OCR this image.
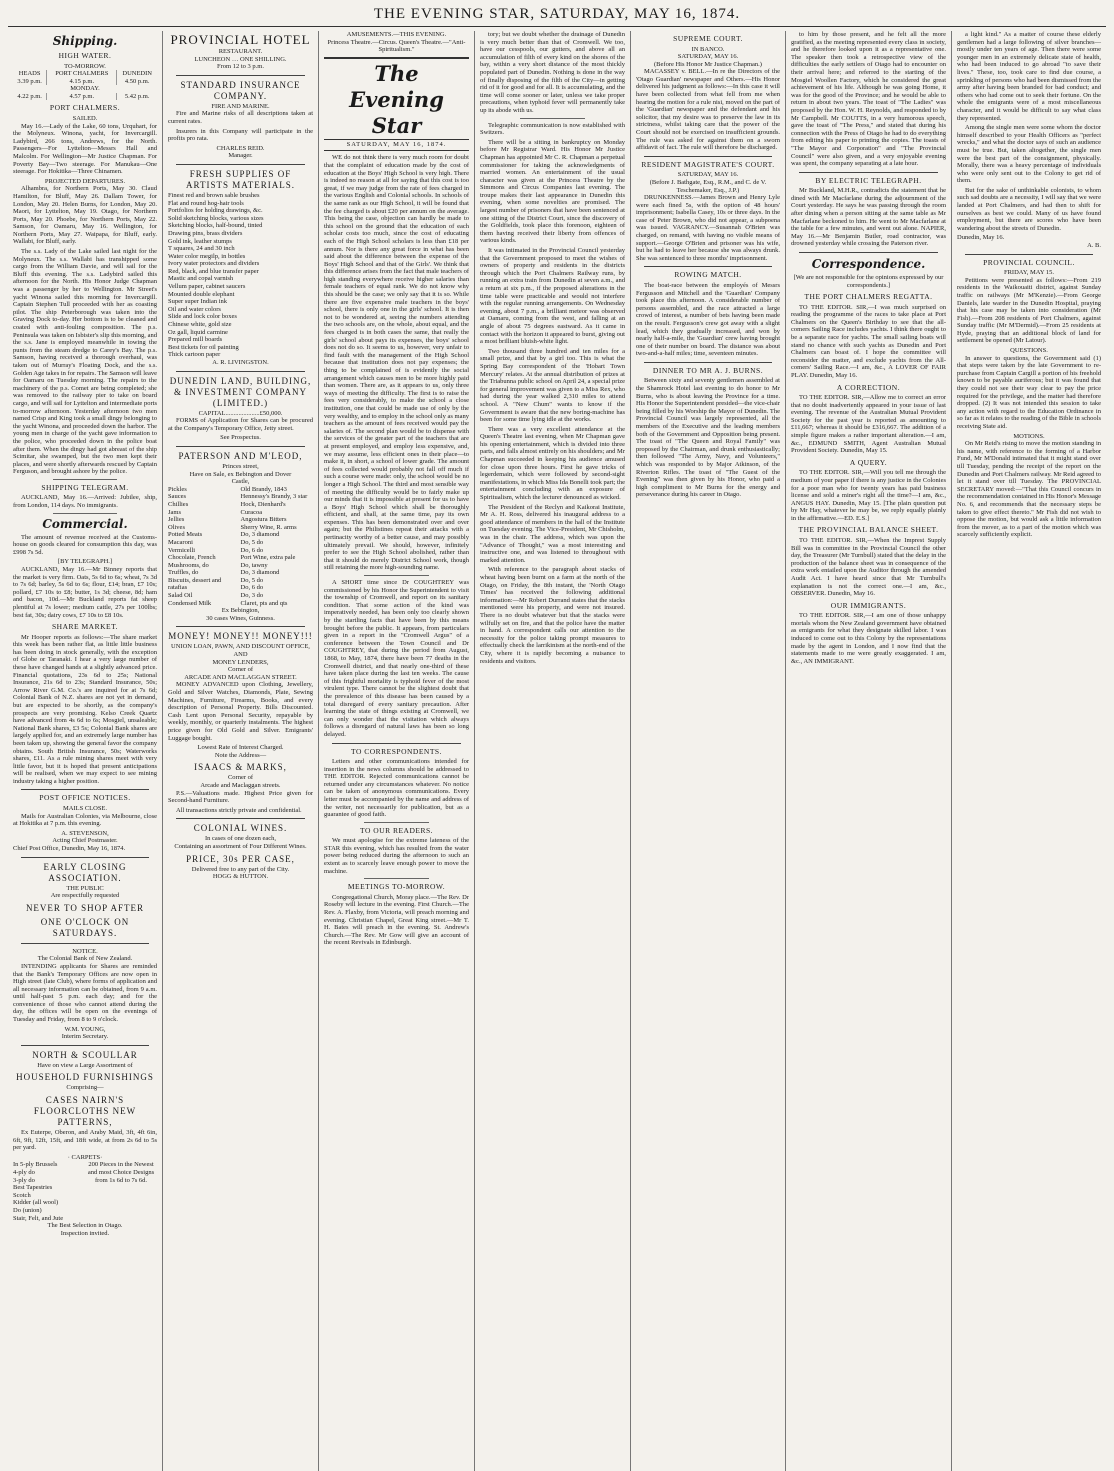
THE EVENING STAR, SATURDAY, MAY 16, 1874.
Shipping.
HIGH WATER.
TO-MORROW.
HEADS	PORT CHALMERS	DUNEDIN
3.39 p.m.	4.15 p.m.	4.50 p.m.
MONDAY.		
4.22 p.m.	4.57 p.m.	5.42 p.m.
PORT CHALMERS.
SAILED.

May 16.—Lady of the Lake, 60 tons, Urquhart, for the Molyneux. Winona, yacht, for Invercargill. Ladybird, 266 tons, Andrews, for the North. Passengers—For Lyttelton—Messrs Hall and Malcolm. For Wellington—Mr Justice Chapman. For Poverty Bay—Two steerage. For Manukau—One steerage. For Hokitika—Three Chinamen.

PROJECTED DEPARTURES.

Alhambra, for Northern Ports, May 30. Claud Hamilton, for Bluff, May 26. Dallam Tower, for London, May 20. Helen Burns, for London, May 20. Maori, for Lyttelton, May 19. Otago, for Northern Ports, May 20. Phoebe, for Northern Ports, May 22. Samson, for Oamaru, May 16. Wellington, for Northern Ports, May 27. Waipapa, for Bluff, early. Wallabi, for Bluff, early.

The s.s. Lady of the Lake sailed last night for the Molyneux. The s.s. Wallabi has transhipped some cargo from the William Davie, and will sail for the Bluff this evening. The s.s. Ladybird sailed this afternoon for the North. His Honor Judge Chapman was a passenger by her to Wellington. Mr Street's yacht Winona sailed this morning for Invercargill. Captain Stephen Tull proceeded with her as coasting pilot. The ship Peterborough was taken into the Graving Dock to-day. Her bottom is to be cleaned and coated with anti-fouling composition. The p.s. Peninsula was taken on Isbister's slip this morning, and the s.s. Jane is employed meanwhile in towing the punts from the steam dredge to Carey's Bay. The p.s. Samson, having received a thorough overhaul, was taken out of Murray's Floating Dock, and the s.s. Golden Age takes in for repairs. The Samson will leave for Oamaru on Tuesday morning. The repairs to the machinery of the p.s. Comet are being completed; she was removed to the railway pier to take on board cargo, and will sail for Lyttelton and intermediate ports to-morrow afternoon. Yesterday afternoon two men named Crisp and King took a small dingy belonging to the yacht Winona, and proceeded down the harbor. The young men in charge of the yacht gave information to the police, who proceeded down in the police boat after them. When the dingy had got abreast of the ship Scimitar, she swamped, but the two men kept their places, and were shortly afterwards rescued by Captain Ferguson, and brought ashore by the police.

SHIPPING TELEGRAM.

AUCKLAND, May 16.—Arrived: Jubilee, ship, from London, 114 days. No immigrants.

Commercial.

The amount of revenue received at the Customs-house on goods cleared for consumption this day, was £998 7s 5d.

[BY TELEGRAPH.]

AUCKLAND, May 16.—Mr Binney reports that the market is very firm. Oats, 5s 6d to 6s; wheat, 7s 3d to 7s 6d; barley, 5s 6d to 6s; flour, £14; bran, £7 10s; pollard, £7 10s to £8; butter, 1s 3d; cheese, 8d; ham and bacon, 10d.—Mr Buckland reports fat sheep plentiful at 7s lower; medium cattle, 27s per 100lbs; best fat, 30s; dairy cows, £7 10s to £8 10s.

SHARE MARKET.

Mr Hooper reports as follows:—The share market this week has been rather flat, as little little business has been doing in stock generally, with the exception of Globe or Taranaki. I hear a very large number of these have changed hands at a slightly advanced price. Financial quotations, 23s 6d to 25s; National Insurance, 21s 6d to 23s; Standard Insurance, 50s; Arrow River G.M. Co.'s are inquired for at 7s 6d; Colonial Bank of N.Z. shares are not yet in demand, but are expected to be shortly, as the company's prospects are very promising. Kelso Creek Quartz have advanced from 4s 6d to 6s; Mosgiel, unsaleable; National Bank shares, £3 5s; Colonial Bank shares are largely applied for, and an extremely large number has been taken up, showing the general favor the company obtains. South British Insurance, 50s; Waterworks shares, £11. As a rule mining shares meet with very little favor, but it is hoped that present anticipations will be realised, when we may expect to see mining industry taking a higher position.

POST OFFICE NOTICES.
MAILS CLOSE.

Mails for Australian Colonies, via Melbourne, close at Hokitika at 7 p.m. this evening.

A. STEVENSON,
Acting Chief Postmaster.
Chief Post Office, Dunedin, May 16, 1874.
EARLY CLOSING ASSOCIATION.
THE PUBLIC
Are respectfully requested
NEVER TO SHOP AFTER
ONE O'CLOCK ON SATURDAYS.
NOTICE.
The Colonial Bank of New Zealand.

INTENDING applicants for Shares are reminded that the Bank's Temporary Offices are now open in High street (late Club), where forms of application and all necessary information can be obtained, from 9 a.m. until half-past 5 p.m. each day; and for the convenience of those who cannot attend during the day, the offices will be open on the evenings of Tuesday and Friday, from 8 to 9 o'clock.

W.M. YOUNG,
Interim Secretary.
NORTH & SCOULLAR
Have on view a Large Assortment of
HOUSEHOLD FURNISHINGS
Comprising—
CASES NAIRN'S FLOORCLOTHS NEW PATTERNS,

Ex Euterpe, Oberon, and Araby Maid, 3ft, 4ft 6in, 6ft, 9ft, 12ft, 15ft, and 18ft wide, at from 2s 6d to 5s per yard.

· CARPETS·
In 5-ply Brussels
4-ply do
3-ply do
Best Tapestries
Scotch
Kidder (all wool)
Do (union)
Stair, Felt, and Jute
200 Pieces in the Newest and most Choice Designs from 1s 6d to 7s 6d.
The Best Selection in Otago.
Inspection invited.
PROVINCIAL HOTEL
RESTAURANT.
LUNCHEON … ONE SHILLING.
From 12 to 3 p.m.
STANDARD INSURANCE COMPANY.
FIRE AND MARINE.

Fire and Marine risks of all descriptions taken at current rates.

Insurers in this Company will participate in the profits pro rata.

CHARLES REID.
Manager.
FRESH SUPPLIES OF ARTISTS MATERIALS.
Finest red and brown sable brushes
Flat and round hog-hair tools
Portfolios for holding drawings, &c.
Solid sketching blocks, various sizes
Sketching blocks, half-bound, tinted
Drawing pins, brass dividers
Gold ink, leather stumps
T squares, 24 and 30 inch
Water color megilp, in bottles
Ivory water protectors and dividers
Red, black, and blue transfer paper
Mastic and copal varnish
Vellum paper, cabinet saucers
Mounted double elephant
Super super Indian ink
Oil and water colors
Slide and lock color boxes
Chinese white, gold size
Oz gall, liquid carmine
Prepared mill boards
Best tickets for oil painting
Thick cartoon paper
A. R. LIVINGSTON.
DUNEDIN LAND, BUILDING, & INVESTMENT COMPANY (LIMITED.)
CAPITAL.....................£50,000.

FORMS of Application for Shares can be procured at the Company's Temporary Office, Jetty street.

See Prospectus.
PATERSON AND M'LEOD,
Princes street,
Have on Sale, ex Bebington and Dover
Castle,
Pickles
Sauces
Chillies
Jams
Jellies
Olives
Potted Meats
Macaroni
Vermicelli
Chocolate, French
Mushrooms, do
Truffles, do
Biscuits, dessert and
ratafias
Salad Oil
Condensed Milk
Old Brandy, 1843
Hennessy's Brandy, 3 star
Hock, Dienhard's
Curacoa
Angostura Bitters
Sherry Wine, R. arms
Do, 3 diamond
Do, 5 do
Do, 6 do
Port Wine, extra pale
Do, tawny
Do, 3 diamond
Do, 5 do
Do, 6 do
Do, 3 do
Claret, pts and qts
Ex Bebington,
30 cases Wines, Guinness.
MONEY! MONEY!! MONEY!!!
UNION LOAN, PAWN, AND DISCOUNT OFFICE,
AND
MONEY LENDERS,
Corner of
ARCADE AND MACLAGGAN STREET.

MONEY ADVANCED upon Clothing, Jewellery, Gold and Silver Watches, Diamonds, Plate, Sewing Machines, Furniture, Firearms, Books, and every description of Personal Property. Bills Discounted. Cash Lent upon Personal Security, repayable by weekly, monthly, or quarterly instalments. The highest price given for Old Gold and Silver. Emigrants' Luggage bought.

Lowest Rate of Interest Charged.
Note the Address—
ISAACS & MARKS,
Corner of
Arcade and Maclaggan streets.

P.S.—Valuations made. Highest Price given for Second-hand Furniture.

All transactions strictly private and confidential.

COLONIAL WINES.
In cases of one dozen each,
Containing an assortment of Four Different Wines.
PRICE, 30s PER CASE,
Delivered free to any part of the City.
HOGG & HUTTON.
AMUSEMENTS.—THIS EVENING.
Princess Theatre.—Circus. Queen's Theatre.—"Anti-Spiritualism."
The Evening Star
SATURDAY, MAY 16, 1874.

WE do not think there is very much room for doubt that the complaint of education made by the cost of education at the Boys' High School is very high. There is indeed no reason at all for saying that this cost is too great, if we may judge from the rate of fees charged in the various English and Colonial schools. In schools of the same rank as our High School, it will be found that the fee charged is about £20 per annum on the average. This being the case, objection can hardly be made to this school on the ground that the education of each scholar costs too much, since the cost of educating each of the High School scholars is less than £18 per annum. Nor is there any great force in what has been said about the difference between the expense of the Boys' High School and that of the Girls'. We think that this difference arises from the fact that male teachers of high standing everywhere receive higher salaries than female teachers of equal rank. We do not know why this should be the case; we only say that it is so. While there are five expensive male teachers in the boys' school, there is only one in the girls' school. It is then not to be wondered at, seeing the numbers attending the two schools are, on the whole, about equal, and the fees charged is in both cases the same, that really the girls' school about pays its expenses, the boys' school does not do so. It seems to us, however, very unfair to find fault with the management of the High School because that institution does not pay expenses; the thing to be complained of is evidently the social arrangement which causes men to be more highly paid than women. There are, as it appears to us, only three ways of meeting the difficulty. The first is to raise the fees very considerably, to make the school a close institution, one that could be made use of only by the very wealthy, and to employ in the school only as many teachers as the amount of fees received would pay the salaries of. The second plan would be to dispense with the services of the greater part of the teachers that are at present employed, and employ less expensive, and, we may assume, less efficient ones in their place—to make it, in short, a school of lower grade. The amount of fees collected would probably not fall off much if such a course were made: only, the school would be no longer a High School. The third and most sensible way of meeting the difficulty would be to fairly make up our minds that it is impossible at present for us to have a Boys' High School which shall be thoroughly efficient, and shall, at the same time, pay its own expenses. This has been demonstrated over and over again; but the Philistines repeat their attacks with a pertinacity worthy of a better cause, and may possibly ultimately prevail. We should, however, infinitely prefer to see the High School abolished, rather than that it should do merely District School work, though still retaining the more high-sounding name.

A SHORT time since Dr COUGHTREY was commissioned by his Honor the Superintendent to visit the township of Cromwell, and report on its sanitary condition. That some action of the kind was imperatively needed, has been only too clearly shown by the startling facts that have been by this means brought before the public. It appears, from particulars given in a report in the "Cromwell Argus" of a conference between the Town Council and Dr COUGHTREY, that during the period from August, 1868, to May, 1874, there have been 77 deaths in the Cromwell district, and that nearly one-third of these have taken place during the last ten weeks. The cause of this frightful mortality is typhoid fever of the most virulent type. There cannot be the slightest doubt that the prevalence of this disease has been caused by a total disregard of every sanitary precaution. After learning the state of things existing at Cromwell, we can only wonder that the visitation which always follows a disregard of natural laws has been so long delayed.

TO CORRESPONDENTS.

Letters and other communications intended for insertion in the news columns should be addressed to THE EDITOR. Rejected communications cannot be returned under any circumstances whatever. No notice can be taken of anonymous communications. Every letter must be accompanied by the name and address of the writer, not necessarily for publication, but as a guarantee of good faith.

TO OUR READERS.

We must apologise for the extreme lateness of the STAR this evening, which has resulted from the water power being reduced during the afternoon to such an extent as to scarcely leave enough power to move the machine.

MEETINGS TO-MORROW.

Congregational Church, Moray place.—The Rev. Dr Roseby will lecture in the evening. First Church.—The Rev. A. Flaxby, from Victoria, will preach morning and evening. Christian Chapel, Great King street.—Mr T. H. Bates will preach in the evening. St. Andrew's Church.—The Rev. Mr Gow will give an account of the recent Revivals in Edinburgh.

tory; but we doubt whether the drainage of Dunedin is very much better than that of Cromwell. We too, have our cesspools, our gutters, and above all an accumulation of filth of every kind on the shores of the bay, within a very short distance of the most thickly populated part of Dunedin. Nothing is done in the way of finally disposing of the filth of the City—in getting rid of it for good and for all. It is accumulating, and the time will come sooner or later, unless we take proper precautions, when typhoid fever will permanently take up its abode with us.

Telegraphic communication is now established with Switzers.

There will be a sitting in bankruptcy on Monday before Mr Registrar Ward. His Honor Mr Justice Chapman has appointed Mr C. R. Chapman a perpetual commissioner for taking the acknowledgments of married women. An entertainment of the usual character was given at the Princess Theatre by the Simmons and Circus Companies last evening. The troupe makes their last appearance in Dunedin this evening, when some novelties are promised. The largest number of prisoners that have been sentenced at one sitting of the District Court, since the discovery of the Goldfields, took place this forenoon, eighteen of them having received their liberty from offences of various kinds.

It was intimated in the Provincial Council yesterday that the Government proposed to meet the wishes of owners of property and residents in the districts through which the Port Chalmers Railway runs, by running an extra train from Dunedin at seven a.m., and a return at six p.m., if the proposed alterations in the time table were practicable and would not interfere with the regular running arrangements. On Wednesday evening, about 7 p.m., a brilliant meteor was observed at Oamaru, coming from the west, and falling at an angle of about 75 degrees eastward. As it came in contact with the horizon it appeared to burst, giving out a most brilliant bluish-white light.

Two thousand three hundred and ten miles for a small prize, and that by a girl too. This is what the Spring Bay correspondent of the 'Hobart Town Mercury' relates. At the annual distribution of prizes at the Triabunna public school on April 24, a special prize for general improvement was given to a Miss Rex, who had during the year walked 2,310 miles to attend school. A "New Chum" wants to know if the Government is aware that the new boring-machine has been for some time lying idle at the works.

There was a very excellent attendance at the Queen's Theatre last evening, when Mr Chapman gave his opening entertainment, which is divided into three parts, and falls almost entirely on his shoulders; and Mr Chapman succeeded in keeping his audience amused for close upon three hours. First he gave tricks of legerdemain, which were followed by second-sight manifestations, in which Miss Ida Bonelli took part; the entertainment concluding with an exposure of Spiritualism, which the lecturer denounced as wicked.

The President of the Reclyn and Kaikorai Institute, Mr A. H. Ross, delivered his inaugural address to a good attendance of members in the hall of the Institute on Tuesday evening. The Vice-President, Mr Chisholm, was in the chair. The address, which was upon the "Advance of Thought," was a most interesting and instructive one, and was listened to throughout with marked attention.

With reference to the paragraph about stacks of wheat having been burnt on a farm at the north of the Otago, on Friday, the 8th instant, the 'North Otago Times' has received the following additional information:—Mr Robert Durrand states that the stacks mentioned were his property, and were not insured. There is no doubt whatever but that the stacks were wilfully set on fire, and that the police have the matter in hand. A correspondent calls our attention to the necessity for the police taking prompt measures to effectually check the larrikinism at the north-end of the City, where it is rapidly becoming a nuisance to residents and visitors.

SUPREME COURT.
IN BANCO.
SATURDAY, MAY 16.
(Before His Honor Mr Justice Chapman.)

MACASSEY v. BELL.—In re the Directors of the 'Otago Guardian' newspaper and Others.—His Honor delivered his judgment as follows:—In this case it will have been collected from what fell from me when hearing the motion for a rule nisi, moved on the part of the 'Guardian' newspaper and the defendant and his solicitor, that my desire was to preserve the law in its strictness, whilst taking care that the power of the Court should not be exercised on insufficient grounds. The rule was asked for against them on a sworn affidavit of fact. The rule will therefore be discharged.

RESIDENT MAGISTRATE'S COURT.
SATURDAY, MAY 16.
(Before J. Bathgate, Esq., R.M., and C. de V. Teschemaker, Esq., J.P.)

DRUNKENNESS.—James Brown and Henry Lyle were each fined 5s, with the option of 48 hours' imprisonment; Isabella Casey, 10s or three days. In the case of Peter Brown, who did not appear, a subpoena was issued. VAGRANCY.—Susannah O'Brien was charged, on remand, with having no visible means of support.—George O'Brien and prisoner was his wife, but he had to leave her because she was always drunk. She was sentenced to three months' imprisonment.

ROWING MATCH.

The boat-race between the employés of Messrs Fergusson and Mitchell and the 'Guardian' Company took place this afternoon. A considerable number of persons assembled, and the race attracted a large crowd of interest, a number of bets having been made on the result. Fergusson's crew got away with a slight lead, which they gradually increased, and won by nearly half-a-mile, the 'Guardian' crew having brought one of their number on board. The distance was about two-and-a-half miles; time, seventeen minutes.

DINNER TO MR A. J. BURNS.

Between sixty and seventy gentlemen assembled at the Shamrock Hotel last evening to do honor to Mr Burns, who is about leaving the Province for a time. His Honor the Superintendent presided—the vice-chair being filled by his Worship the Mayor of Dunedin. The Provincial Council was largely represented, all the members of the Executive and the leading members both of the Government and Opposition being present. The toast of "The Queen and Royal Family" was proposed by the Chairman, and drunk enthusiastically; then followed "The Army, Navy, and Volunteers," which was responded to by Major Atkinson, of the Riverton Rifles. The toast of "The Guest of the Evening" was then given by his Honor, who paid a high compliment to Mr Burns for the energy and perseverance during his career in Otago.

to him by those present, and he felt all the more gratified, as the meeting represented every class in society, and he therefore looked upon it as a representative one. The speaker then took a retrospective view of the difficulties the early settlers of Otago had to encounter on their arrival here; and referred to the starting of the Mosgiel Woollen Factory, which he considered the great achievement of his life. Although he was going Home, it was for the good of the Province; and he would be able to return in about two years. The toast of "The Ladies" was proposed by the Hon. W. H. Reynolds, and responded to by Mr Campbell. Mr COUTTS, in a very humorous speech, gave the toast of "The Press," and stated that during his connection with the Press of Otago he had to do everything from editing his paper to printing the copies. The toasts of "The Mayor and Corporation" and "The Provincial Council" were also given, and a very enjoyable evening was spent, the company separating at a late hour.

BY ELECTRIC TELEGRAPH.

Mr Buckland, M.H.R., contradicts the statement that he dined with Mr Macfarlane during the adjournment of the Court yesterday. He says he was passing through the room after dining when a person sitting at the same table as Mr Macfarlane beckoned to him. He went to Mr Macfarlane at the table for a few minutes, and went out alone. NAPIER, May 16.—Mr Benjamin Butler, road contractor, was drowned yesterday while crossing the Paterson river.

Correspondence.
[We are not responsible for the opinions expressed by our correspondents.]
THE PORT CHALMERS REGATTA.

TO THE EDITOR. SIR,—I was much surprised on reading the programme of the races to take place at Port Chalmers on the Queen's Birthday to see that the all-comers Sailing Race includes yachts. I think there ought to be a separate race for yachts. The small sailing boats will stand no chance with such yachts as Dunedin and Port Chalmers can boast of. I hope the committee will reconsider the matter, and exclude yachts from the All-comers' Sailing Race.—I am, &c., A LOVER OF FAIR PLAY. Dunedin, May 16.

A CORRECTION.

TO THE EDITOR. SIR,—Allow me to correct an error that no doubt inadvertently appeared in your issue of last evening. The revenue of the Australian Mutual Provident Society for the past year is reported as amounting to £11,667; whereas it should be £316,667. The addition of a simple figure makes a rather important alteration.—I am, &c., EDMUND SMITH, Agent Australian Mutual Provident Society. Dunedin, May 15.

A QUERY.

TO THE EDITOR. SIR,—Will you tell me through the medium of your paper if there is any justice in the Colonies for a poor man who for twenty years has paid business license and sold a miner's right all the time?—I am, &c., ANGUS HAY. Dunedin, May 15. [The plain question put by Mr Hay, whatever he may be, we reply equally plainly in the affirmative.—ED. E.S.]

THE PROVINCIAL BALANCE SHEET.

TO THE EDITOR. SIR,—When the Imprest Supply Bill was in committee in the Provincial Council the other day, the Treasurer (Mr Turnbull) stated that the delay in the production of the balance sheet was in consequence of the extra work entailed upon the Auditor through the amended Audit Act. I have heard since that Mr Turnbull's explanation is not the correct one.—I am, &c., OBSERVER. Dunedin, May 16.

OUR IMMIGRANTS.

TO THE EDITOR. SIR,—I am one of those unhappy mortals whom the New Zealand government have obtained as emigrants for what they designate skilled labor. I was induced to come out to this Colony by the representations made by the agent in London, and I now find that the statements made to me were greatly exaggerated. I am, &c., AN IMMIGRANT.

a light kind." As a matter of course these elderly gentlemen had a large following of silver branches—mostly under ten years of age. Then there were some younger men in an extremely delicate state of health, who had been induced to go abroad "to save their lives." These, too, took care to find due course, a sprinkling of persons who had been dismissed from the army after having been branded for bad conduct; and others who had come out to seek their fortune. On the whole the emigrants were of a most miscellaneous character, and it would be difficult to say what class they represented.

Among the single men were some whom the doctor himself described to your Health Officers as "perfect wrecks," and what the doctor says of such an audience must be true. But, taken altogether, the single men were the best part of the consignment, physically. Morally, there was a heavy percentage of individuals who were only sent out to the Colony to get rid of them.

But for the sake of unthinkable colonists, to whom such sad doubts are a necessity, I will say that we were landed at Port Chalmers, and had then to shift for ourselves as best we could. Many of us have found employment, but there are scores who have been wandering about the streets of Dunedin.

Dunedin, May 16.
A. B.
PROVINCIAL COUNCIL.
FRIDAY, MAY 15.

Petitions were presented as follows:—From 219 residents in the Waikouaiti district, against Sunday traffic on railways (Mr M'Kenzie).—From George Daniels, late warder in the Dunedin Hospital, praying that his case may be taken into consideration (Mr Fish).—From 208 residents of Port Chalmers, against Sunday traffic (Mr M'Dermid).—From 25 residents at Hyde, praying that an additional block of land for settlement be opened (Mr Latour).

QUESTIONS.

In answer to questions, the Government said (1) that steps were taken by the late Government to re-purchase from Captain Cargill a portion of his freehold known to be payable auriferous; but it was found that they could not see their way clear to pay the price required for the privilege, and the matter had therefore dropped. (2) It was not intended this session to take any action with regard to the Education Ordinance in so far as it relates to the reading of the Bible in schools receiving State aid.

MOTIONS.

On Mr Reid's rising to move the motion standing in his name, with reference to the forming of a Harbor Fund, Mr M'Donald intimated that it might stand over till Tuesday, pending the receipt of the report on the Dunedin and Port Chalmers railway. Mr Reid agreed to let it stand over till Tuesday. The PROVINCIAL SECRETARY moved:—"That this Council concurs in the recommendation contained in His Honor's Message No. 6, and recommends that the necessary steps be taken to give effect thereto." Mr Fish did not wish to oppose the motion, but would ask a little information from the mover, as to a part of the motion which was scarcely sufficiently explicit.
